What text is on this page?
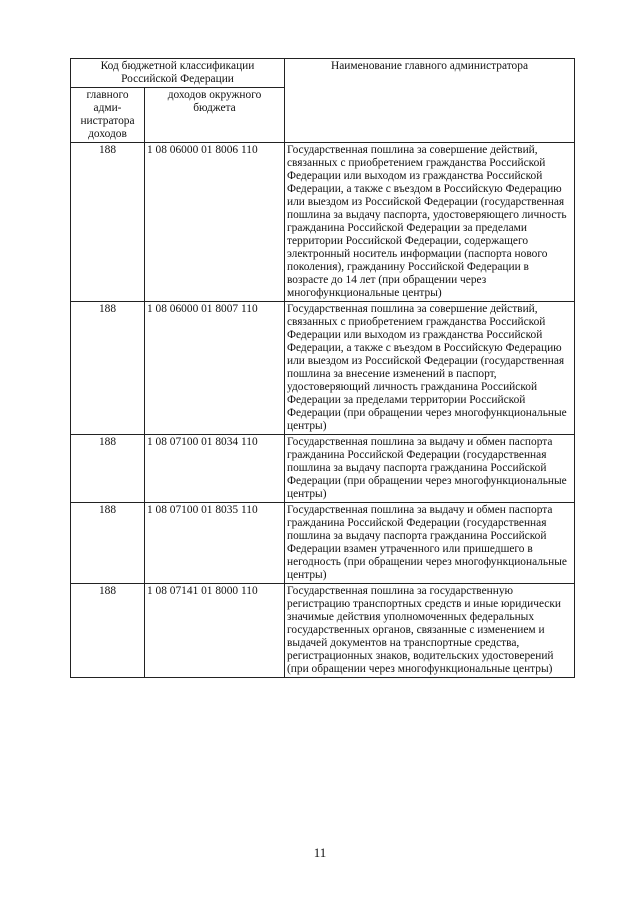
Код бюджетной классификации Российской Федерации		Наименование главного администратора
главного адми-нистратора доходов	доходов окружного бюджета	
188	1 08 06000 01 8006 110	Государственная пошлина за совершение действий, связанных с приобретением гражданства Российской Федерации или выходом из гражданства Российской Федерации, а также с въездом в Российскую Федерацию или выездом из Российской Федерации (государственная пошлина за выдачу паспорта, удостоверяющего личность гражданина Российской Федерации за пределами территории Российской Федерации, содержащего электронный носитель информации (паспорта нового поколения), гражданину Российской Федерации в возрасте до 14 лет (при обращении через многофункциональные центры)
188	1 08 06000 01 8007 110	Государственная пошлина за совершение действий, связанных с приобретением гражданства Российской Федерации или выходом из гражданства Российской Федерации, а также с въездом в Российскую Федерацию или выездом из Российской Федерации (государственная пошлина за внесение изменений в паспорт, удостоверяющий личность гражданина Российской Федерации за пределами территории Российской Федерации (при обращении через многофункциональные центры)
188	1 08 07100 01 8034 110	Государственная пошлина за выдачу и обмен паспорта гражданина Российской Федерации (государственная пошлина за выдачу паспорта гражданина Российской Федерации (при обращении через многофункциональные центры)
188	1 08 07100 01 8035 110	Государственная пошлина за выдачу и обмен паспорта гражданина Российской Федерации (государственная пошлина за выдачу паспорта гражданина Российской Федерации взамен утраченного или пришедшего в негодность (при обращении через многофункциональные центры)
188	1 08 07141 01 8000 110	Государственная пошлина за государственную регистрацию транспортных средств и иные юридически значимые действия уполномоченных федеральных государственных органов, связанные с изменением и выдачей документов на транспортные средства, регистрационных знаков, водительских удостоверений (при обращении через многофункциональные центры)
11
